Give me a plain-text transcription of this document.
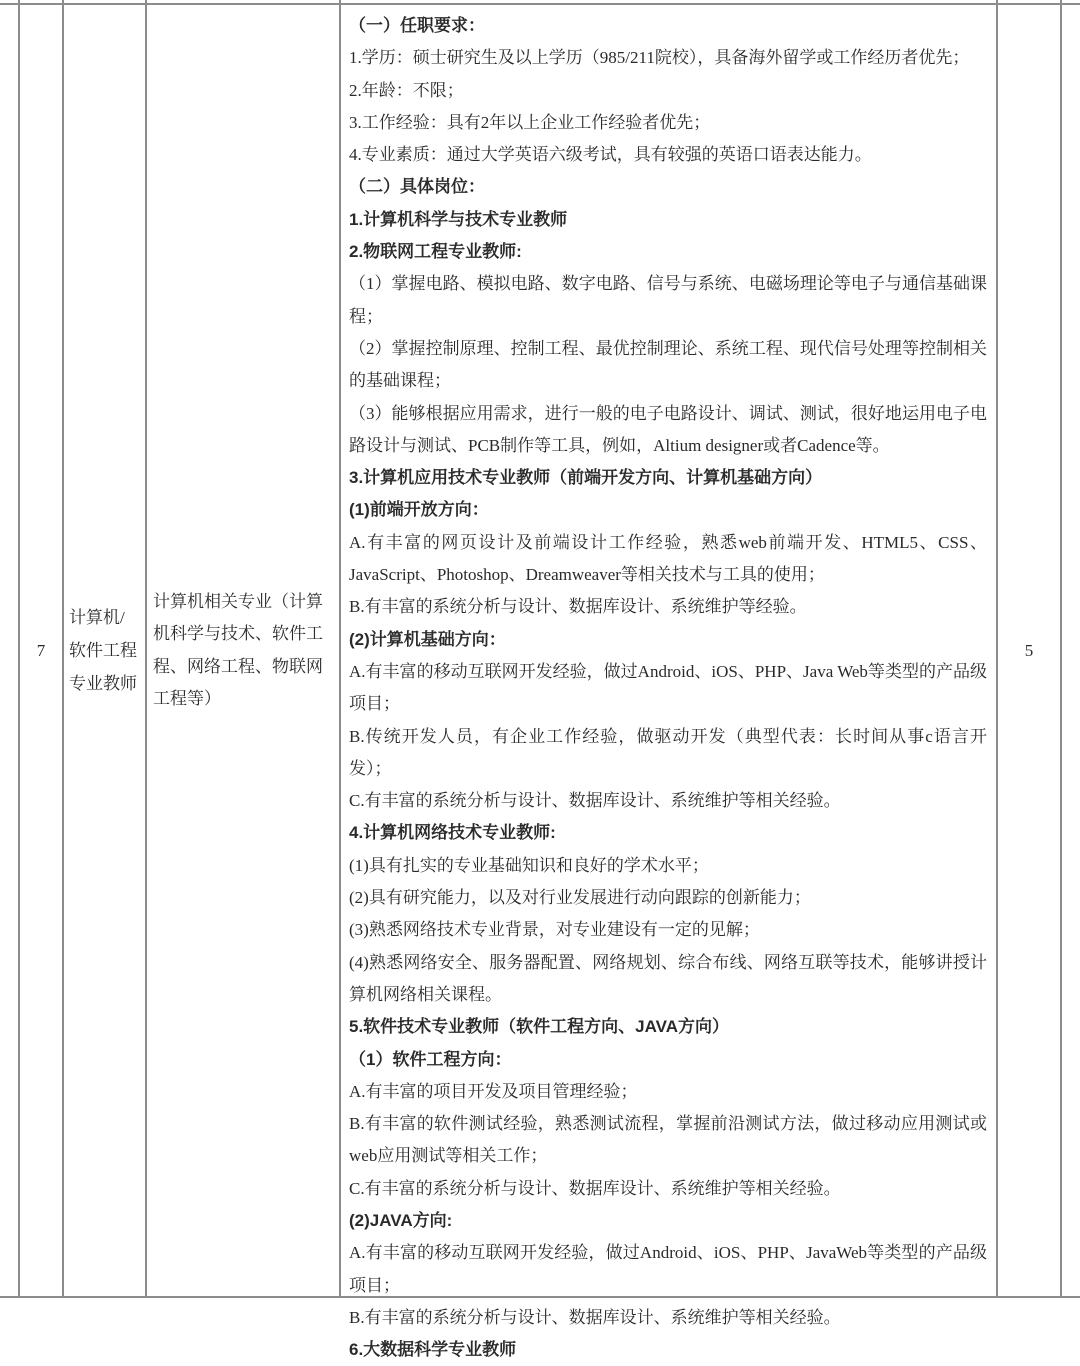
7
计算机/软件工程专业教师
计算机相关专业（计算机科学与技术、软件工程、网络工程、物联网工程等）

（一）任职要求：

1.学历：硕士研究生及以上学历（985/211院校），具备海外留学或工作经历者优先；

2.年龄：不限；

3.工作经验：具有2年以上企业工作经验者优先；

4.专业素质：通过大学英语六级考试，具有较强的英语口语表达能力。

（二）具体岗位：

1.计算机科学与技术专业教师

2.物联网工程专业教师:

（1）掌握电路、模拟电路、数字电路、信号与系统、电磁场理论等电子与通信基础课程；

（2）掌握控制原理、控制工程、最优控制理论、系统工程、现代信号处理等控制相关的基础课程；

（3）能够根据应用需求，进行一般的电子电路设计、调试、测试，很好地运用电子电路设计与测试、PCB制作等工具，例如，Altium designer或者Cadence等。

3.计算机应用技术专业教师（前端开发方向、计算机基础方向）

(1)前端开放方向：

A.有丰富的网页设计及前端设计工作经验，熟悉web前端开发、HTML5、CSS、JavaScript、Photoshop、Dreamweaver等相关技术与工具的使用；

B.有丰富的系统分析与设计、数据库设计、系统维护等经验。

(2)计算机基础方向：

A.有丰富的移动互联网开发经验，做过Android、iOS、PHP、Java Web等类型的产品级项目；

B.传统开发人员，有企业工作经验，做驱动开发（典型代表：长时间从事c语言开发）；

C.有丰富的系统分析与设计、数据库设计、系统维护等相关经验。

4.计算机网络技术专业教师:

(1)具有扎实的专业基础知识和良好的学术水平；

(2)具有研究能力，以及对行业发展进行动向跟踪的创新能力；

(3)熟悉网络技术专业背景，对专业建设有一定的见解；

(4)熟悉网络安全、服务器配置、网络规划、综合布线、网络互联等技术，能够讲授计算机网络相关课程。

5.软件技术专业教师（软件工程方向、JAVA方向）

（1）软件工程方向：

A.有丰富的项目开发及项目管理经验；

B.有丰富的软件测试经验，熟悉测试流程，掌握前沿测试方法，做过移动应用测试或web应用测试等相关工作；

C.有丰富的系统分析与设计、数据库设计、系统维护等相关经验。

(2)JAVA方向:

A.有丰富的移动互联网开发经验，做过Android、iOS、PHP、JavaWeb等类型的产品级项目；

B.有丰富的系统分析与设计、数据库设计、系统维护等相关经验。

6.大数据科学专业教师

5
